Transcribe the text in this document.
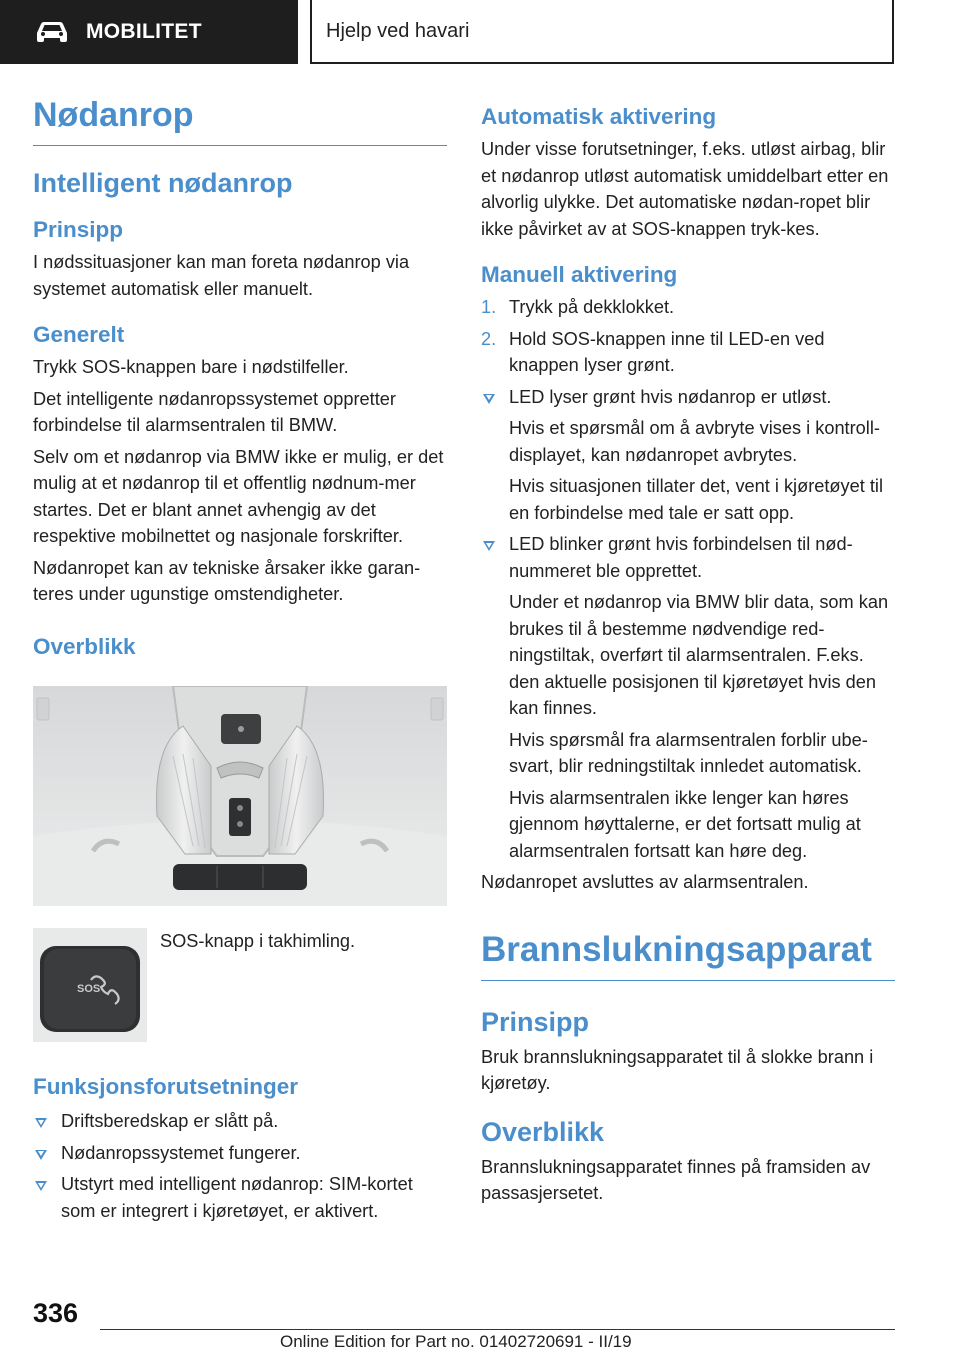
MOBILITET	Hjelp ved havari
Nødanrop
Intelligent nødanrop
Prinsipp

I nødssituasjoner kan man foreta nødanrop via systemet automatisk eller manuelt.

Generelt

Trykk SOS-knappen bare i nødstilfeller.

Det intelligente nødanropssystemet oppretter forbindelse til alarmsentralen til BMW.

Selv om et nødanrop via BMW ikke er mulig, er det mulig at et nødanrop til et offentlig nødnum-mer startes. Det er blant annet avhengig av det respektive mobilnettet og nasjonale forskrifter.

Nødanropet kan av tekniske årsaker ikke garan-teres under ugunstige omstendigheter.

Overblikk
SOS

SOS-knapp i takhimling.

Funksjonsforutsetninger
Driftsberedskap er slått på.
Nødanropssystemet fungerer.
Utstyrt med intelligent nødanrop: SIM-kortet som er integrert i kjøretøyet, er aktivert.
Automatisk aktivering

Under visse forutsetninger, f.eks. utløst airbag, blir et nødanrop utløst automatisk umiddelbart etter en alvorlig ulykke. Det automatiske nødan-ropet blir ikke påvirket av at SOS-knappen tryk-kes.

Manuell aktivering
1. Trykk på dekklokket.
2. Hold SOS-knappen inne til LED-en ved knappen lyser grønt.
LED lyser grønt hvis nødanrop er utløst.
Hvis et spørsmål om å avbryte vises i kontroll-displayet, kan nødanropet avbrytes.
Hvis situasjonen tillater det, vent i kjøretøyet til en forbindelse med tale er satt opp.
LED blinker grønt hvis forbindelsen til nød-nummeret ble opprettet.
Under et nødanrop via BMW blir data, som kan brukes til å bestemme nødvendige red-ningstiltak, overført til alarmsentralen. F.eks. den aktuelle posisjonen til kjøretøyet hvis den kan finnes.
Hvis spørsmål fra alarmsentralen forblir ube-svart, blir redningstiltak innledet automatisk.
Hvis alarmsentralen ikke lenger kan høres gjennom høyttalerne, er det fortsatt mulig at alarmsentralen fortsatt kan høre deg.

Nødanropet avsluttes av alarmsentralen.

Brannslukningsapparat
Prinsipp

Bruk brannslukningsapparatet til å slokke brann i kjøretøy.

Overblikk

Brannslukningsapparatet finnes på framsiden av passasjersetet.

336
Online Edition for Part no. 01402720691 - II/19
